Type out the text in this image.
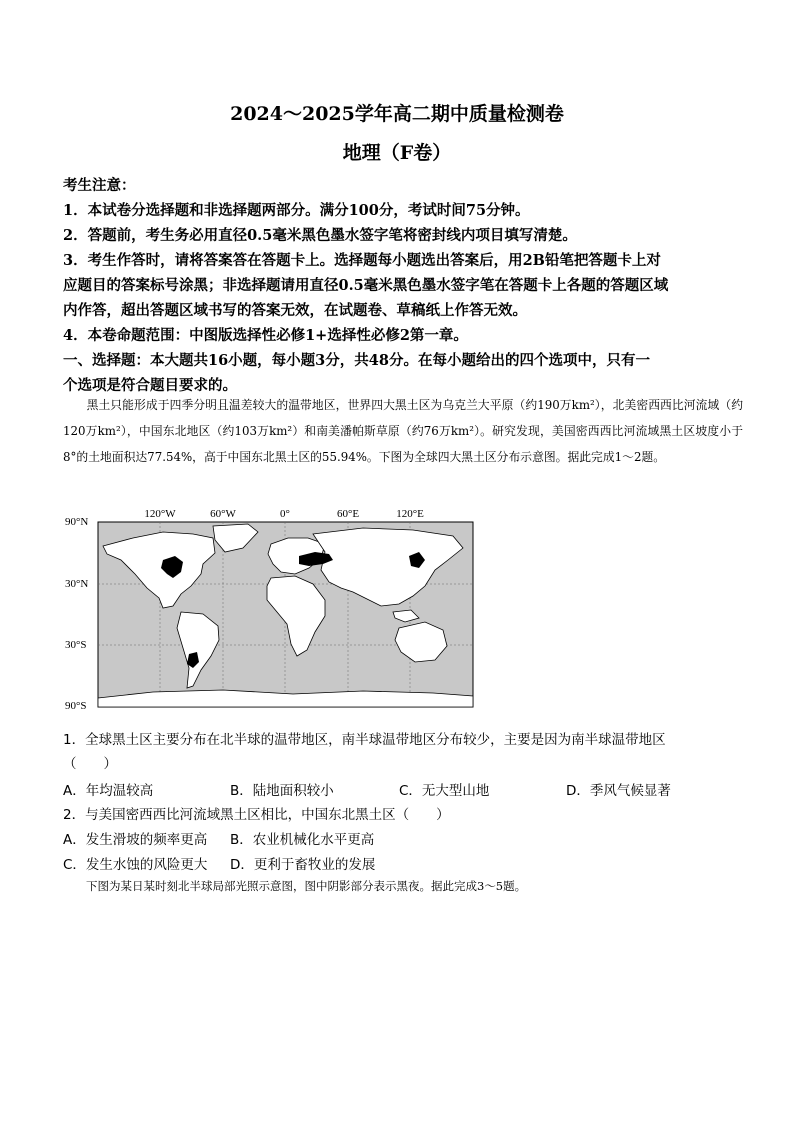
2024～2025学年高二期中质量检测卷
地理（F卷）
考生注意：
1．本试卷分选择题和非选择题两部分。满分100分，考试时间75分钟。
2．答题前，考生务必用直径0.5毫米黑色墨水签字笔将密封线内项目填写清楚。
3．考生作答时，请将答案答在答题卡上。选择题每小题选出答案后，用2B铅笔把答题卡上对
应题目的答案标号涂黑；非选择题请用直径0.5毫米黑色墨水签字笔在答题卡上各题的答题区域
内作答，超出答题区域书写的答案无效，在试题卷、草稿纸上作答无效。
4．本卷命题范围：中图版选择性必修1+选择性必修2第一章。
一、选择题：本大题共16小题，每小题3分，共48分。在每小题给出的四个选项中，只有一
个选项是符合题目要求的。
黑土只能形成于四季分明且温差较大的温带地区，世界四大黑土区为乌克兰大平原（约190万km²），北美密西西比河流域（约120万km²），中国东北地区（约103万km²）和南美潘帕斯草原（约76万km²）。研究发现，美国密西西比河流域黑土区坡度小于8°的土地面积达77.54%，高于中国东北黑土区的55.94%。下图为全球四大黑土区分布示意图。据此完成1～2题。
120°W	60°W	0°	60°E	120°E
90°N
30°N
30°S
90°S
1．全球黑土区主要分布在北半球的温带地区，南半球温带地区分布较少，主要是因为南半球温带地区
（　　）
A．年均温较高	B．陆地面积较小	C．无大型山地	D．季风气候显著
2．与美国密西西比河流域黑土区相比，中国东北黑土区（　　）
A．发生滑坡的频率更高 B．农业机械化水平更高
C．发生水蚀的风险更大 D．更利于畜牧业的发展
下图为某日某时刻北半球局部光照示意图，图中阴影部分表示黑夜。据此完成3～5题。
